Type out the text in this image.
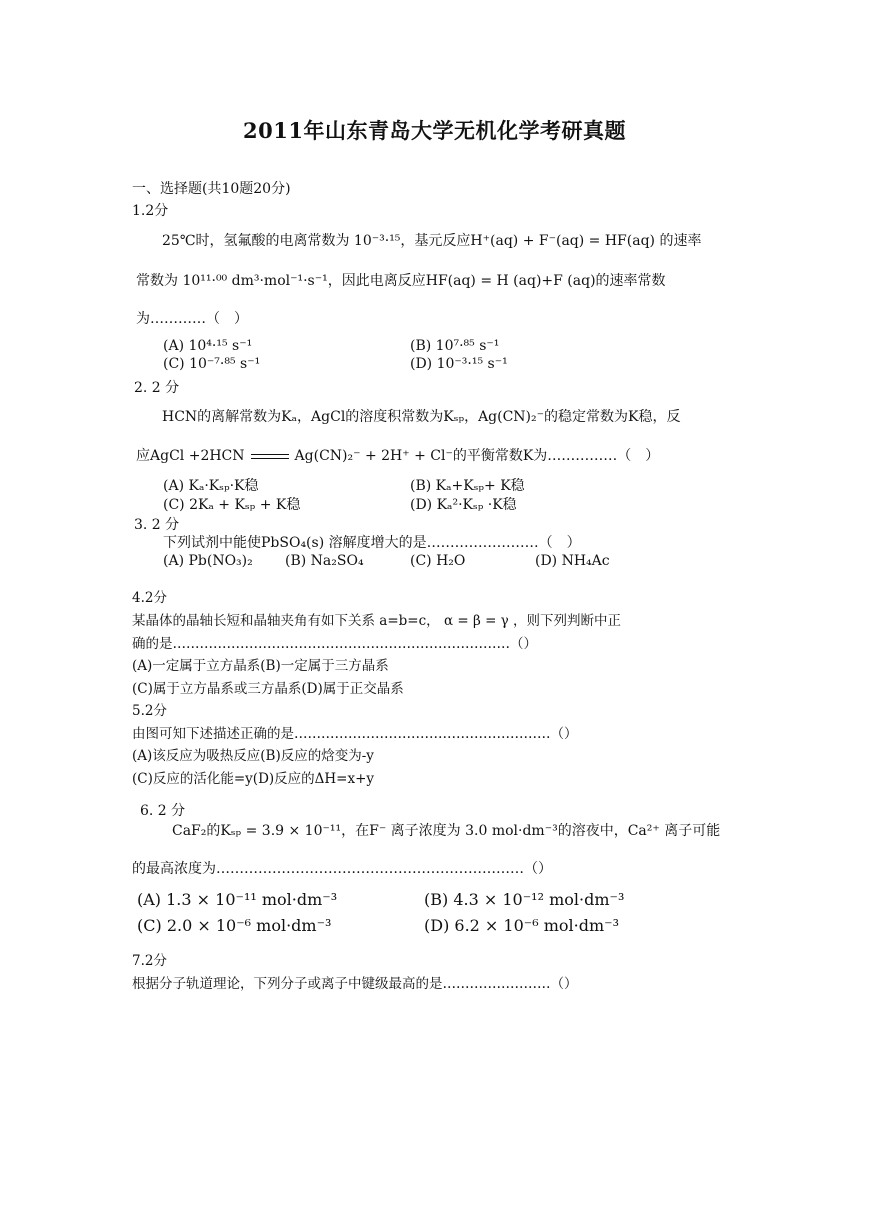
2011年山东青岛大学无机化学考研真题
一、选择题(共10题20分)
1.2分
25℃时，氢氟酸的电离常数为 10⁻³·¹⁵，基元反应H⁺(aq) + F⁻(aq) = HF(aq) 的速率
常数为 10¹¹·⁰⁰ dm³·mol⁻¹·s⁻¹，因此电离反应HF(aq) = H (aq)+F (aq)的速率常数
为…………（　）
(A) 10⁴·¹⁵ s⁻¹	(B) 10⁷·⁸⁵ s⁻¹
(C) 10⁻⁷·⁸⁵ s⁻¹	(D) 10⁻³·¹⁵ s⁻¹
2. 2 分
HCN的离解常数为Kₐ，AgCl的溶度积常数为Kₛₚ，Ag(CN)₂⁻的稳定常数为K稳，反
应AgCl +2HCN	Ag(CN)₂⁻ + 2H⁺ + Cl⁻的平衡常数K为……………（　）
(A) Kₐ·Kₛₚ·K稳	(B) Kₐ+Kₛₚ+ K稳
(C) 2Kₐ + Kₛₚ + K稳	(D) Kₐ²·Kₛₚ ·K稳
3. 2 分
下列试剂中能使PbSO₄(s) 溶解度增大的是……………………（　）
(A) Pb(NO₃)₂ (B) Na₂SO₄	(C) H₂O	(D) NH₄Ac
4.2分
某晶体的晶轴长短和晶轴夹角有如下关系 a=b=c， α = β = γ ，则下列判断中正
确的是…………………………………………………………………（）
(A)一定属于立方晶系(B)一定属于三方晶系
(C)属于立方晶系或三方晶系(D)属于正交晶系
5.2分
由图可知下述描述正确的是…………………………………………………（）
(A)该反应为吸热反应(B)反应的焓变为-y
(C)反应的活化能=y(D)反应的ΔH=x+y
6. 2 分
CaF₂的Kₛₚ = 3.9 × 10⁻¹¹，在F⁻ 离子浓度为 3.0 mol·dm⁻³的溶夜中，Ca²⁺ 离子可能
的最高浓度为…………………………………………………………（）
(A) 1.3 × 10⁻¹¹ mol·dm⁻³	(B) 4.3 × 10⁻¹² mol·dm⁻³
(C) 2.0 × 10⁻⁶ mol·dm⁻³	(D) 6.2 × 10⁻⁶ mol·dm⁻³
7.2分
根据分子轨道理论，下列分子或离子中键级最高的是……………………（）
